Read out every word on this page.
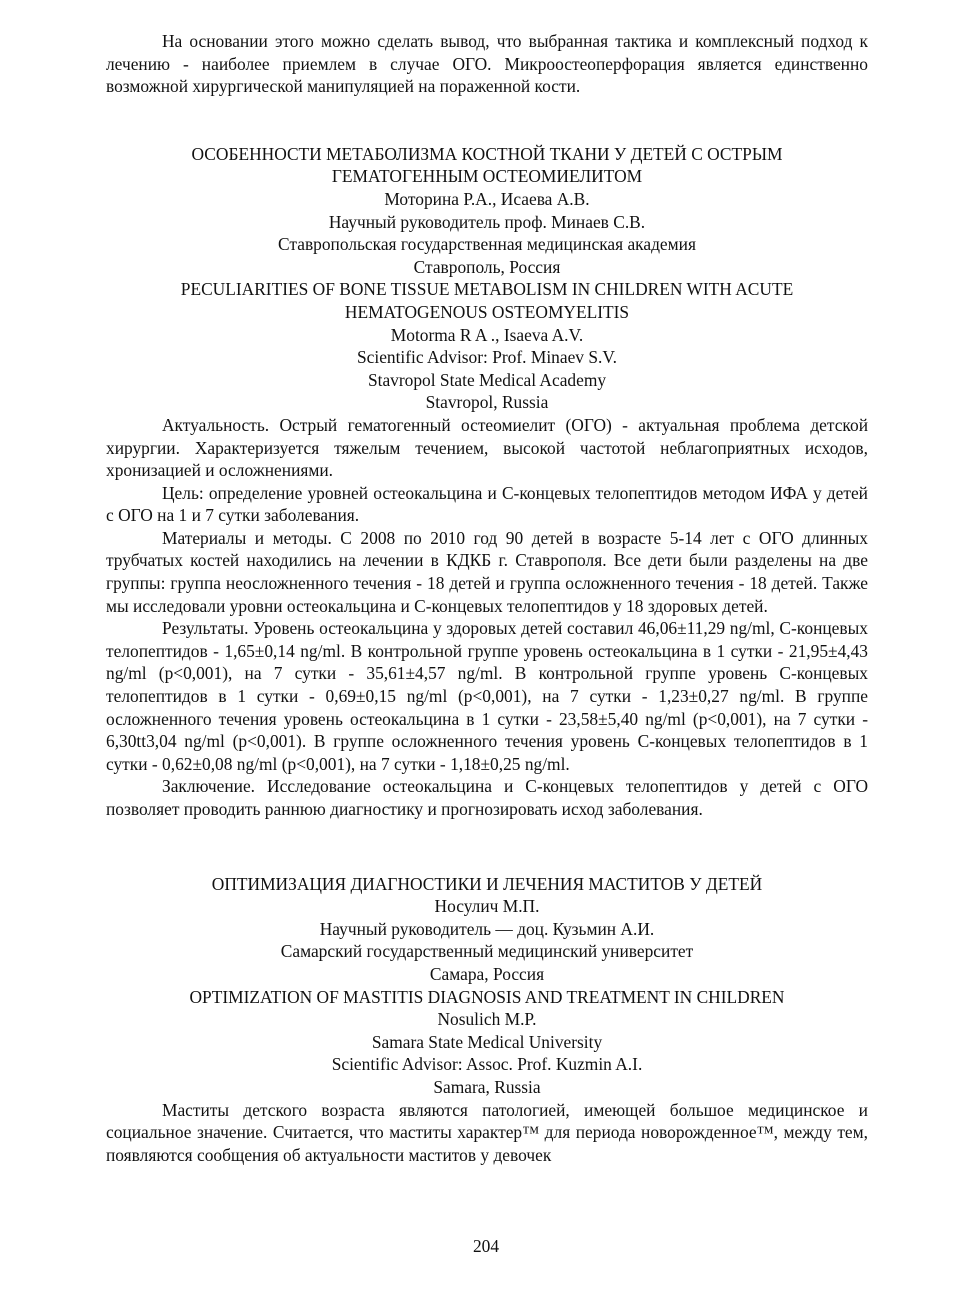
На основании этого можно сделать вывод, что выбранная тактика и комплексный подход к лечению - наиболее приемлем в случае ОГО. Микроостеоперфорация является единственно возможной хирургической манипуляцией на пораженной кости.

ОСОБЕННОСТИ МЕТАБОЛИЗМА КОСТНОЙ ТКАНИ У ДЕТЕЙ С ОСТРЫМ
ГЕМАТОГЕННЫМ ОСТЕОМИЕЛИТОМ
Моторина Р.А., Исаева А.В.
Научный руководитель проф. Минаев С.В.
Ставропольская государственная медицинская академия
Ставрополь, Россия
PECULIARITIES OF BONE TISSUE METABOLISM IN CHILDREN WITH ACUTE
HEMATOGENOUS OSTEOMYELITIS
Motorma R A ., Isaeva A.V.
Scientific Advisor: Prof. Minaev S.V.
Stavropol State Medical Academy
Stavropol, Russia

Актуальность. Острый гематогенный остеомиелит (ОГО) - актуальная проблема детской хирургии. Характеризуется тяжелым течением, высокой частотой неблагоприятных исходов, хронизацией и осложнениями.

Цель: определение уровней остеокальцина и С-концевых телопептидов методом ИФА у детей с ОГО на 1 и 7 сутки заболевания.

Материалы и методы. С 2008 по 2010 год 90 детей в возрасте 5-14 лет с ОГО длинных трубчатых костей находились на лечении в КДКБ г. Ставрополя. Все дети были разделены на две группы: группа неосложненного течения - 18 детей и группа осложненного течения - 18 детей. Также мы исследовали уровни остеокальцина и С-концевых телопептидов у 18 здоровых детей.

Результаты. Уровень остеокальцина у здоровых детей составил 46,06±11,29 ng/ml, С-концевых телопептидов - 1,65±0,14 ng/ml. В контрольной группе уровень остеокальцина в 1 сутки - 21,95±4,43 ng/ml (p<0,001), на 7 сутки - 35,61±4,57 ng/ml. В контрольной группе уровень С-концевых телопептидов в 1 сутки - 0,69±0,15 ng/ml (p<0,001), на 7 сутки - 1,23±0,27 ng/ml. В группе осложненного течения уровень остеокальцина в 1 сутки - 23,58±5,40 ng/ml (p<0,001), на 7 сутки - 6,30tt3,04 ng/ml (p<0,001). В группе осложненного течения уровень С-концевых телопептидов в 1 сутки - 0,62±0,08 ng/ml (p<0,001), на 7 сутки - 1,18±0,25 ng/ml.

Заключение. Исследование остеокальцина и С-концевых телопептидов у детей с ОГО позволяет проводить раннюю диагностику и прогнозировать исход заболевания.

ОПТИМИЗАЦИЯ ДИАГНОСТИКИ И ЛЕЧЕНИЯ МАСТИТОВ У ДЕТЕЙ
Носулич М.П.
Научный руководитель — доц. Кузьмин А.И.
Самарский государственный медицинский университет
Самара, Россия
OPTIMIZATION OF MASTITIS DIAGNOSIS AND TREATMENT IN CHILDREN
Nosulich M.P.
Samara State Medical University
Scientific Advisor: Assoc. Prof. Kuzmin A.I.
Samara, Russia

Маститы детского возраста являются патологией, имеющей большое медицинское и социальное значение. Считается, что маститы характер™ для периода новорожденное™, между тем, появляются сообщения об актуальности маститов у девочек

204
